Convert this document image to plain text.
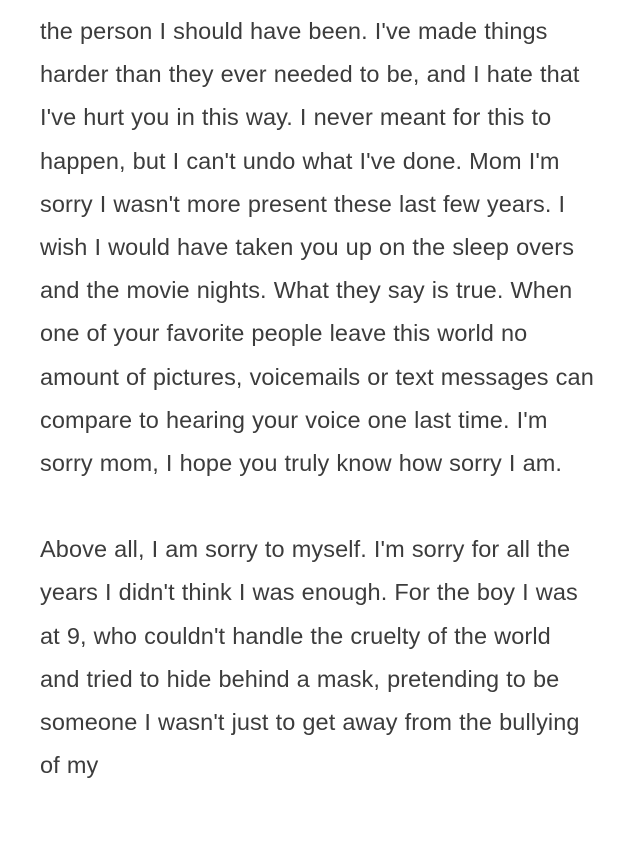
the person I should have been. I've made things harder than they ever needed to be, and I hate that I've hurt you in this way. I never meant for this to happen, but I can't undo what I've done. Mom I'm sorry I wasn't more present these last few years. I wish I would have taken you up on the sleep overs and the movie nights. What they say is true. When one of your favorite people leave this world no amount of pictures, voicemails or text messages can compare to hearing your voice one last time. I'm sorry mom, I hope you truly know how sorry I am.

Above all, I am sorry to myself. I'm sorry for all the years I didn't think I was enough. For the boy I was at 9, who couldn't handle the cruelty of the world and tried to hide behind a mask, pretending to be someone I wasn't just to get away from the bullying of my
